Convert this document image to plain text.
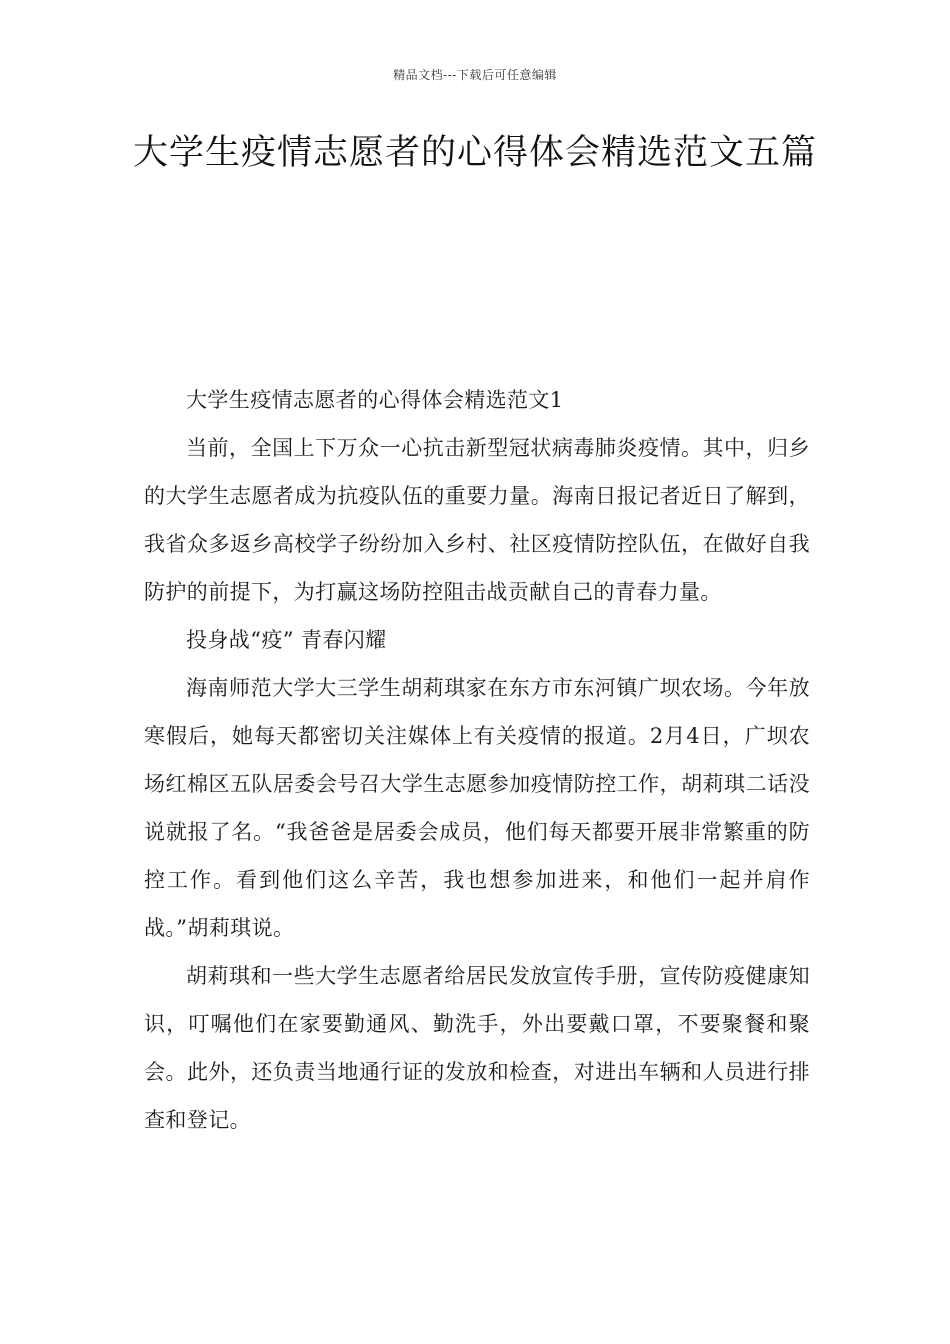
精品文档---下载后可任意编辑
大学生疫情志愿者的心得体会精选范文五篇

大学生疫情志愿者的心得体会精选范文1

当前，全国上下万众一心抗击新型冠状病毒肺炎疫情。其中，归乡的大学生志愿者成为抗疫队伍的重要力量。海南日报记者近日了解到，我省众多返乡高校学子纷纷加入乡村、社区疫情防控队伍，在做好自我防护的前提下，为打赢这场防控阻击战贡献自己的青春力量。

投身战“疫” 青春闪耀

海南师范大学大三学生胡莉琪家在东方市东河镇广坝农场。今年放寒假后，她每天都密切关注媒体上有关疫情的报道。2月4日，广坝农场红棉区五队居委会号召大学生志愿参加疫情防控工作，胡莉琪二话没说就报了名。“我爸爸是居委会成员，他们每天都要开展非常繁重的防控工作。看到他们这么辛苦，我也想参加进来，和他们一起并肩作战。”胡莉琪说。

胡莉琪和一些大学生志愿者给居民发放宣传手册，宣传防疫健康知识，叮嘱他们在家要勤通风、勤洗手，外出要戴口罩，不要聚餐和聚会。此外，还负责当地通行证的发放和检查，对进出车辆和人员进行排查和登记。
